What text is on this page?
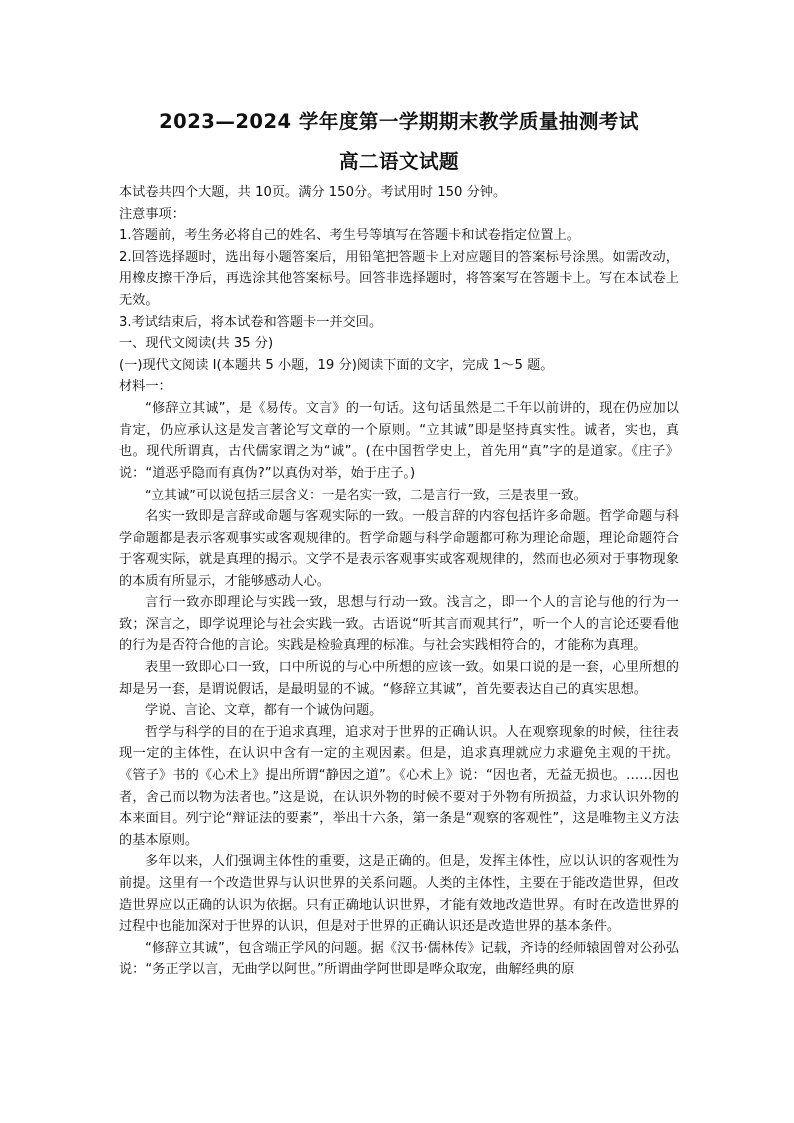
2023—2024 学年度第一学期期末教学质量抽测考试
高二语文试题

本试卷共四个大题，共 10页。满分 150分。考试用时 150 分钟。

注意事项：

1.答题前，考生务必将自己的姓名、考生号等填写在答题卡和试卷指定位置上。

2.回答选择题时，选出每小题答案后，用铅笔把答题卡上对应题目的答案标号涂黑。如需改动，用橡皮擦干净后，再选涂其他答案标号。回答非选择题时，将答案写在答题卡上。写在本试卷上无效。

3.考试结束后，将本试卷和答题卡一并交回。

一、现代文阅读(共 35 分)

(一)现代文阅读 I(本题共 5 小题，19 分)阅读下面的文字，完成 1～5 题。

材料一：

“修辞立其诚”，是《易传。文言》的一句话。这句话虽然是二千年以前讲的，现在仍应加以肯定，仍应承认这是发言著论写文章的一个原则。“立其诚”即是坚持真实性。诚者，实也，真也。现代所谓真，古代儒家谓之为“诚”。(在中国哲学史上，首先用“真”字的是道家。《庄子》说：“道恶乎隐而有真伪?”以真伪对举，始于庄子。)

“立其诚”可以说包括三层含义：一是名实一致，二是言行一致，三是表里一致。

名实一致即是言辞或命题与客观实际的一致。一般言辞的内容包括许多命题。哲学命题与科学命题都是表示客观事实或客观规律的。哲学命题与科学命题都可称为理论命题，理论命题符合于客观实际，就是真理的揭示。文学不是表示客观事实或客观规律的，然而也必须对于事物现象的本质有所显示，才能够感动人心。

言行一致亦即理论与实践一致，思想与行动一致。浅言之，即一个人的言论与他的行为一致；深言之，即学说理论与社会实践一致。古语说“听其言而观其行”，听一个人的言论还要看他的行为是否符合他的言论。实践是检验真理的标准。与社会实践相符合的，才能称为真理。

表里一致即心口一致，口中所说的与心中所想的应该一致。如果口说的是一套，心里所想的却是另一套，是谓说假话，是最明显的不诚。“修辞立其诚”，首先要表达自己的真实思想。

学说、言论、文章，都有一个诚伪问题。

哲学与科学的目的在于追求真理，追求对于世界的正确认识。人在观察现象的时候，往往表现一定的主体性，在认识中含有一定的主观因素。但是，追求真理就应力求避免主观的干扰。《管子》书的《心术上》提出所谓“静因之道”。《心术上》说：“因也者，无益无损也。……因也者，舍己而以物为法者也。”这是说，在认识外物的时候不要对于外物有所损益，力求认识外物的本来面目。列宁论“辩证法的要素”，举出十六条，第一条是“观察的客观性”，这是唯物主义方法的基本原则。

多年以来，人们强调主体性的重要，这是正确的。但是，发挥主体性，应以认识的客观性为前提。这里有一个改造世界与认识世界的关系问题。人类的主体性，主要在于能改造世界，但改造世界应以正确的认识为依据。只有正确地认识世界，才能有效地改造世界。有时在改造世界的过程中也能加深对于世界的认识，但是对于世界的正确认识还是改造世界的基本条件。

“修辞立其诚”，包含端正学风的问题。据《汉书·儒林传》记载，齐诗的经师辕固曾对公孙弘说：“务正学以言，无曲学以阿世。”所谓曲学阿世即是哗众取宠，曲解经典的原
